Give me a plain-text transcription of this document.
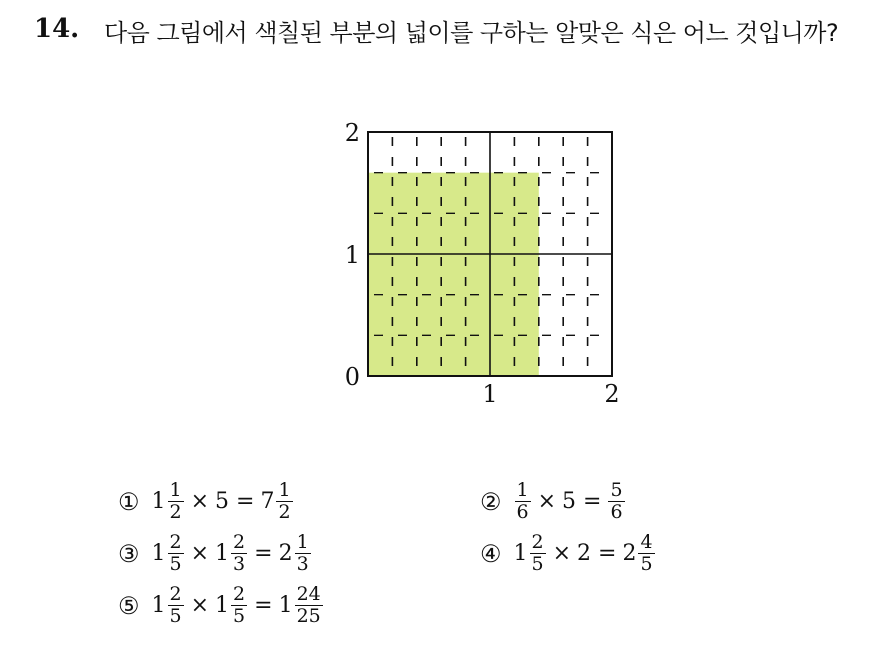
14. 다음 그림에서 색칠된 부분의 넓이를 구하는 알맞은 식은 어느 것입니까?
0
1
2
1	2
① $1 \frac{1}{2} \times 5 = 7 \frac{1}{2}$	② $\frac{1}{6} \times 5 = \frac{5}{6}$
③ $1 \frac{2}{5} \times 1 \frac{2}{3} = 2 \frac{1}{3}$	④ $1 \frac{2}{5} \times 2 = 2 \frac{4}{5}$
⑤ $1 \frac{2}{5} \times 1 \frac{2}{5} = 1 \frac{24}{25}$
